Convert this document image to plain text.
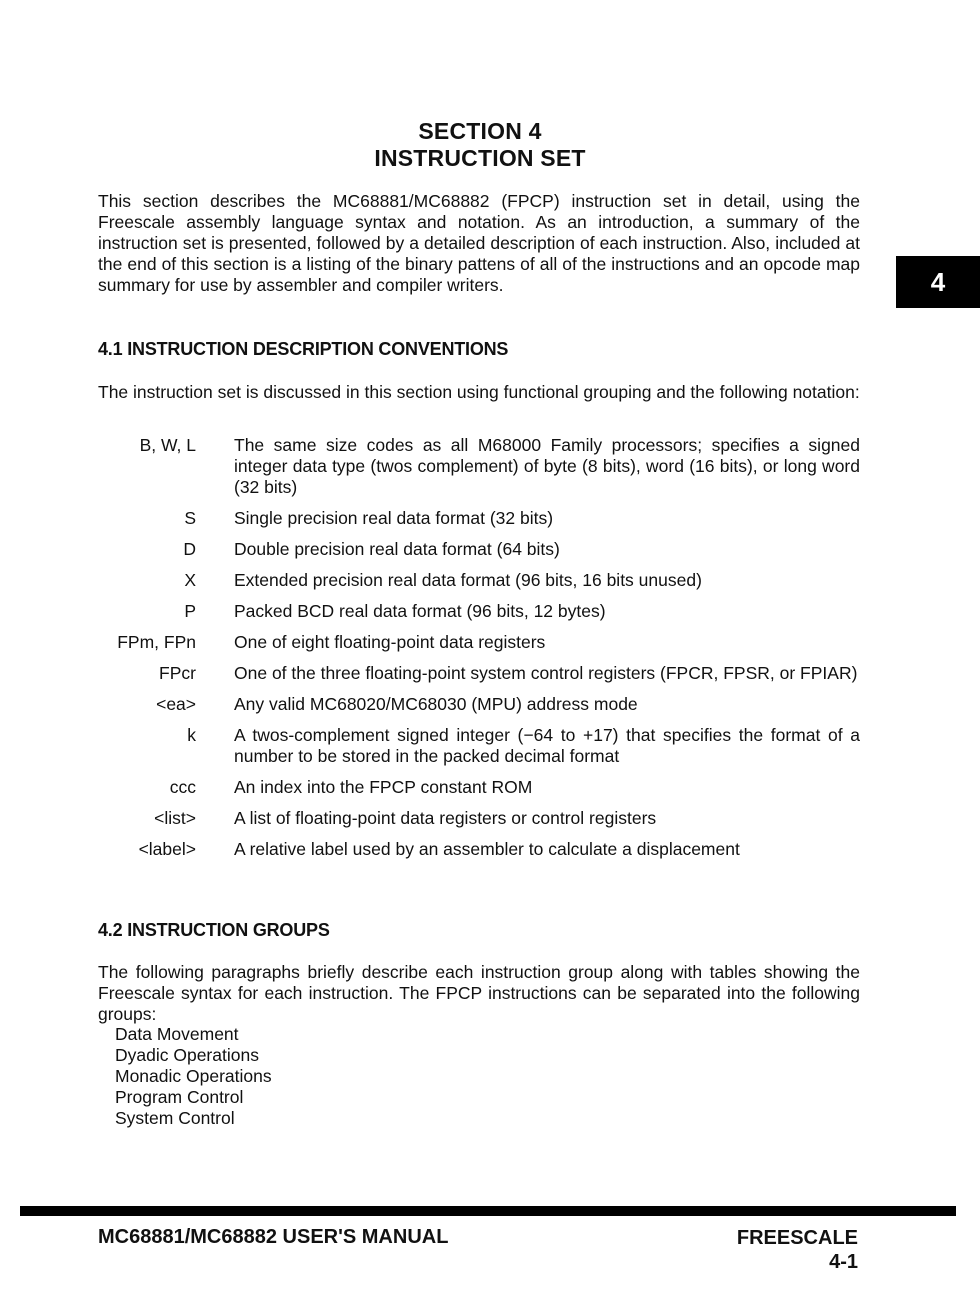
SECTION 4
INSTRUCTION SET
4
This section describes the MC68881/MC68882 (FPCP) instruction set in detail, using the Freescale assembly language syntax and notation. As an introduction, a summary of the instruction set is presented, followed by a detailed description of each instruction. Also, included at the end of this section is a listing of the binary pattens of all of the instructions and an opcode map summary for use by assembler and compiler writers.
4.1 INSTRUCTION DESCRIPTION CONVENTIONS
The instruction set is discussed in this section using functional grouping and the following notation:
B, W, L The same size codes as all M68000 Family processors; specifies a signed integer data type (twos complement) of byte (8 bits), word (16 bits), or long word (32 bits)
S Single precision real data format (32 bits)
D Double precision real data format (64 bits)
X Extended precision real data format (96 bits, 16 bits unused)
P Packed BCD real data format (96 bits, 12 bytes)
FPm, FPn One of eight floating-point data registers
FPcr One of the three floating-point system control registers (FPCR, FPSR, or FPIAR)
<ea> Any valid MC68020/MC68030 (MPU) address mode
k A twos-complement signed integer (−64 to +17) that specifies the format of a number to be stored in the packed decimal format
ccc An index into the FPCP constant ROM
<list> A list of floating-point data registers or control registers
<label> A relative label used by an assembler to calculate a displacement
4.2 INSTRUCTION GROUPS
The following paragraphs briefly describe each instruction group along with tables showing the Freescale syntax for each instruction. The FPCP instructions can be separated into the following groups:
Data Movement
Dyadic Operations
Monadic Operations
Program Control
System Control
MC68881/MC68882 USER'S MANUAL	FREESCALE
4-1
